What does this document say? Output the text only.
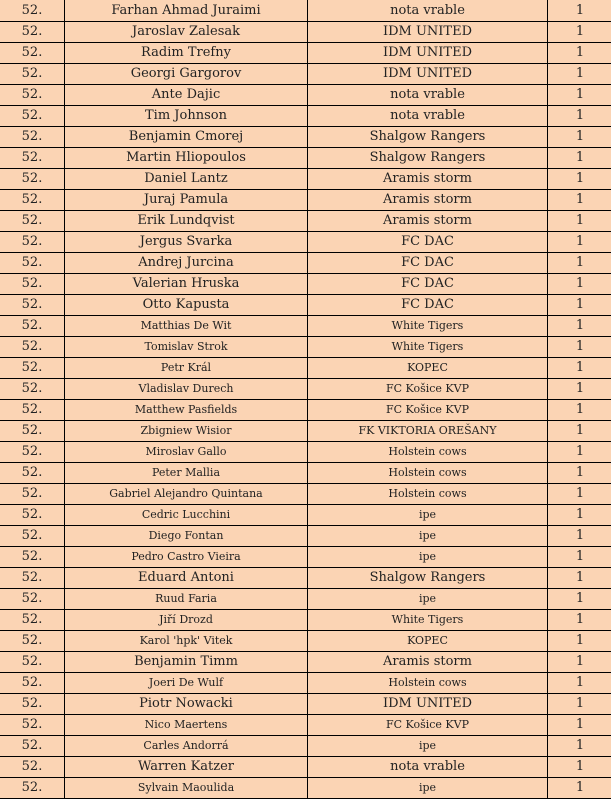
52.	Farhan Ahmad Juraimi	nota vrable	1
52.	Jaroslav Zalesak	IDM UNITED	1
52.	Radim Trefny	IDM UNITED	1
52.	Georgi Gargorov	IDM UNITED	1
52.	Ante Dajic	nota vrable	1
52.	Tim Johnson	nota vrable	1
52.	Benjamin Cmorej	Shalgow Rangers	1
52.	Martin Hliopoulos	Shalgow Rangers	1
52.	Daniel Lantz	Aramis storm	1
52.	Juraj Pamula	Aramis storm	1
52.	Erik Lundqvist	Aramis storm	1
52.	Jergus Svarka	FC DAC	1
52.	Andrej Jurcina	FC DAC	1
52.	Valerian Hruska	FC DAC	1
52.	Otto Kapusta	FC DAC	1
52.	Matthias De Wit	White Tigers	1
52.	Tomislav Strok	White Tigers	1
52.	Petr Král	KOPEC	1
52.	Vladislav Durech	FC Košice KVP	1
52.	Matthew Pasfields	FC Košice KVP	1
52.	Zbigniew Wisior	FK VIKTORIA OREŠANY	1
52.	Miroslav Gallo	Holstein cows	1
52.	Peter Mallia	Holstein cows	1
52.	Gabriel Alejandro Quintana	Holstein cows	1
52.	Cedric Lucchini	ipe	1
52.	Diego Fontan	ipe	1
52.	Pedro Castro Vieira	ipe	1
52.	Eduard Antoni	Shalgow Rangers	1
52.	Ruud Faria	ipe	1
52.	Jiří Drozd	White Tigers	1
52.	Karol 'hpk' Vitek	KOPEC	1
52.	Benjamin Timm	Aramis storm	1
52.	Joeri De Wulf	Holstein cows	1
52.	Piotr Nowacki	IDM UNITED	1
52.	Nico Maertens	FC Košice KVP	1
52.	Carles Andorrá	ipe	1
52.	Warren Katzer	nota vrable	1
52.	Sylvain Maoulida	ipe	1
